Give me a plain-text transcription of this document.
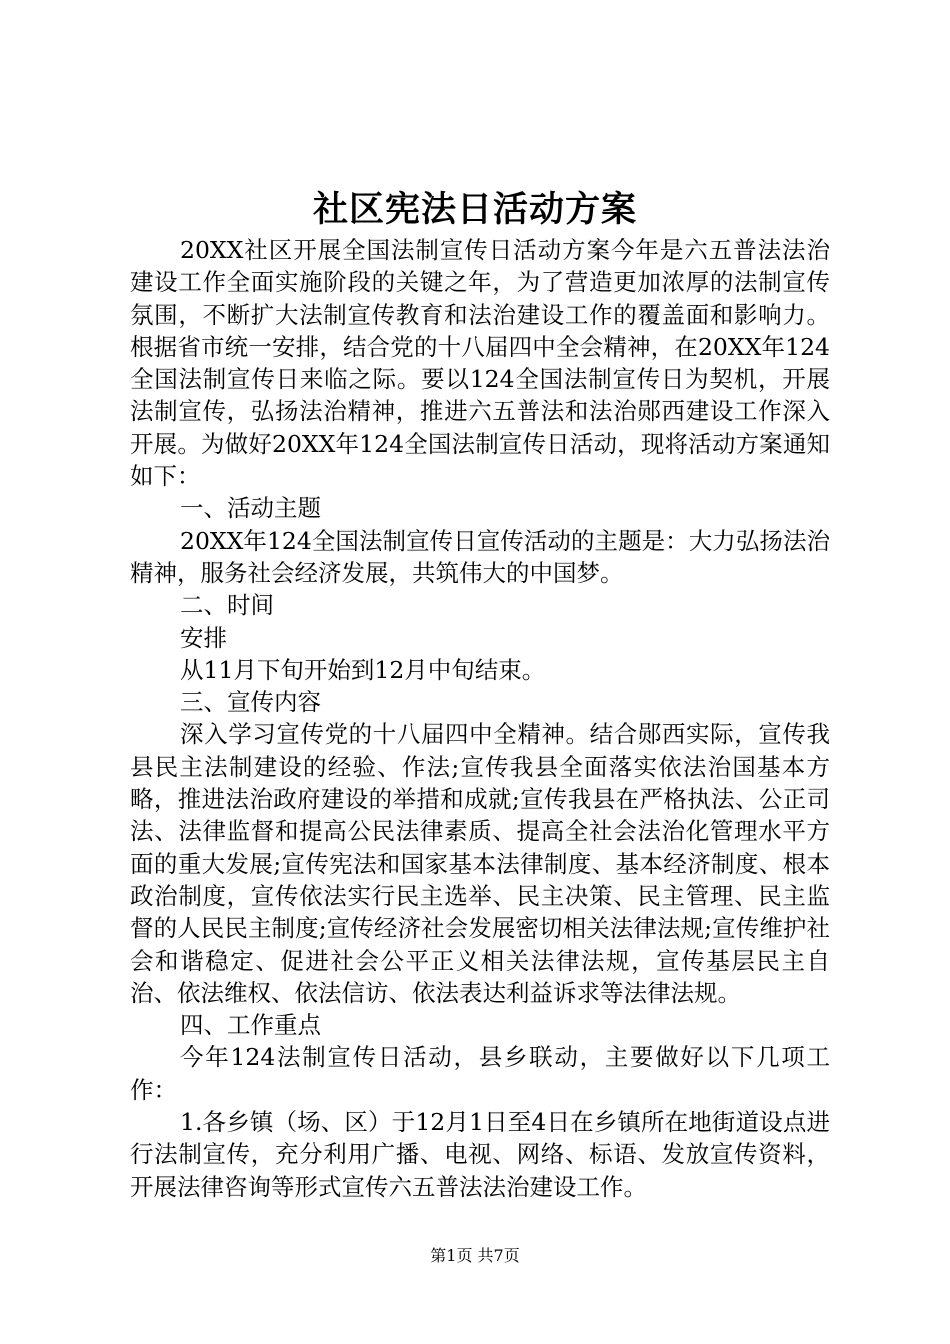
社区宪法日活动方案

20XX社区开展全国法制宣传日活动方案今年是六五普法法治建设工作全面实施阶段的关键之年，为了营造更加浓厚的法制宣传氛围，不断扩大法制宣传教育和法治建设工作的覆盖面和影响力。根据省市统一安排，结合党的十八届四中全会精神，在20XX年124全国法制宣传日来临之际。要以124全国法制宣传日为契机，开展法制宣传，弘扬法治精神，推进六五普法和法治郧西建设工作深入开展。为做好20XX年124全国法制宣传日活动，现将活动方案通知如下：

一、活动主题

20XX年124全国法制宣传日宣传活动的主题是：大力弘扬法治精神，服务社会经济发展，共筑伟大的中国梦。

二、时间

安排

从11月下旬开始到12月中旬结束。

三、宣传内容

深入学习宣传党的十八届四中全精神。结合郧西实际，宣传我县民主法制建设的经验、作法;宣传我县全面落实依法治国基本方略，推进法治政府建设的举措和成就;宣传我县在严格执法、公正司法、法律监督和提高公民法律素质、提高全社会法治化管理水平方面的重大发展;宣传宪法和国家基本法律制度、基本经济制度、根本政治制度，宣传依法实行民主选举、民主决策、民主管理、民主监督的人民民主制度;宣传经济社会发展密切相关法律法规;宣传维护社会和谐稳定、促进社会公平正义相关法律法规，宣传基层民主自治、依法维权、依法信访、依法表达利益诉求等法律法规。

四、工作重点

今年124法制宣传日活动，县乡联动，主要做好以下几项工作：

1.各乡镇（场、区）于12月1日至4日在乡镇所在地街道设点进行法制宣传，充分利用广播、电视、网络、标语、发放宣传资料，开展法律咨询等形式宣传六五普法法治建设工作。

第1页 共7页
